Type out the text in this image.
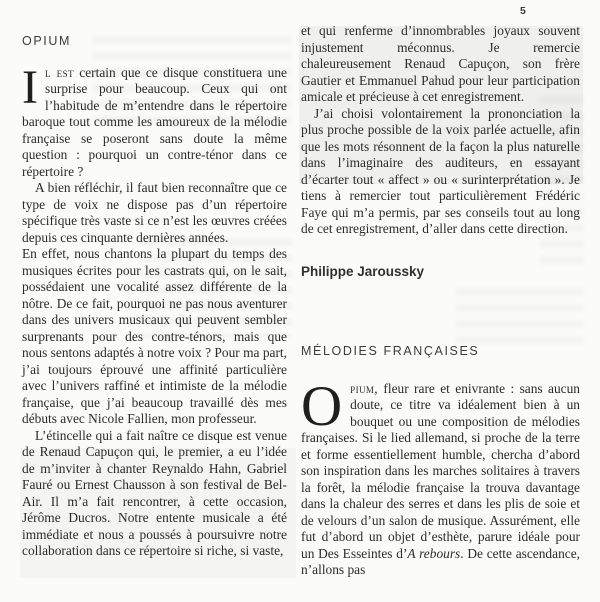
5
OPIUM

Il est certain que ce disque constituera une surprise pour beaucoup. Ceux qui ont l’habitude de m’entendre dans le répertoire baroque tout comme les amoureux de la mélodie française se poseront sans doute la même question : pourquoi un contre-ténor dans ce répertoire ?

A bien réfléchir, il faut bien reconnaître que ce type de voix ne dispose pas d’un répertoire spécifique très vaste si ce n’est les œuvres créées depuis ces cinquante dernières années.

En effet, nous chantons la plupart du temps des musiques écrites pour les castrats qui, on le sait, possédaient une vocalité assez différente de la nôtre. De ce fait, pourquoi ne pas nous aventurer dans des univers musicaux qui peuvent sembler surprenants pour des contre-ténors, mais que nous sentons adaptés à notre voix ? Pour ma part, j’ai toujours éprouvé une affinité particulière avec l’univers raffiné et intimiste de la mélodie française, que j’ai beaucoup travaillé dès mes débuts avec Nicole Fallien, mon professeur.

L’étincelle qui a fait naître ce disque est venue de Renaud Capuçon qui, le premier, a eu l’idée de m’inviter à chanter Reynaldo Hahn, Gabriel Fauré ou Ernest Chausson à son festival de Bel-Air. Il m’a fait rencontrer, à cette occasion, Jérôme Ducros. Notre entente musicale a été immédiate et nous a poussés à poursuivre notre collaboration dans ce répertoire si riche, si vaste,

et qui renferme d’innombrables joyaux souvent injustement méconnus. Je remercie chaleureusement Renaud Capuçon, son frère Gautier et Emmanuel Pahud pour leur participation amicale et précieuse à cet enregistrement.

J’ai choisi volontairement la prononciation la plus proche possible de la voix parlée actuelle, afin que les mots résonnent de la façon la plus naturelle dans l’imaginaire des auditeurs, en essayant d’écarter tout « affect » ou « surinterprétation ». Je tiens à remercier tout particulièrement Frédéric Faye qui m’a permis, par ses conseils tout au long de cet enregistrement, d’aller dans cette direction.

Philippe Jaroussky

MÉLODIES FRANÇAISES

Opium, fleur rare et enivrante : sans aucun doute, ce titre va idéalement bien à un bouquet ou une composition de mélodies françaises. Si le lied allemand, si proche de la terre et forme essentiellement humble, chercha d’abord son inspiration dans les marches solitaires à travers la forêt, la mélodie française la trouva davantage dans la chaleur des serres et dans les plis de soie et de velours d’un salon de musique. Assurément, elle fut d’abord un objet d’esthète, parure idéale pour un Des Esseintes d’A rebours. De cette ascendance, n’allons pas
